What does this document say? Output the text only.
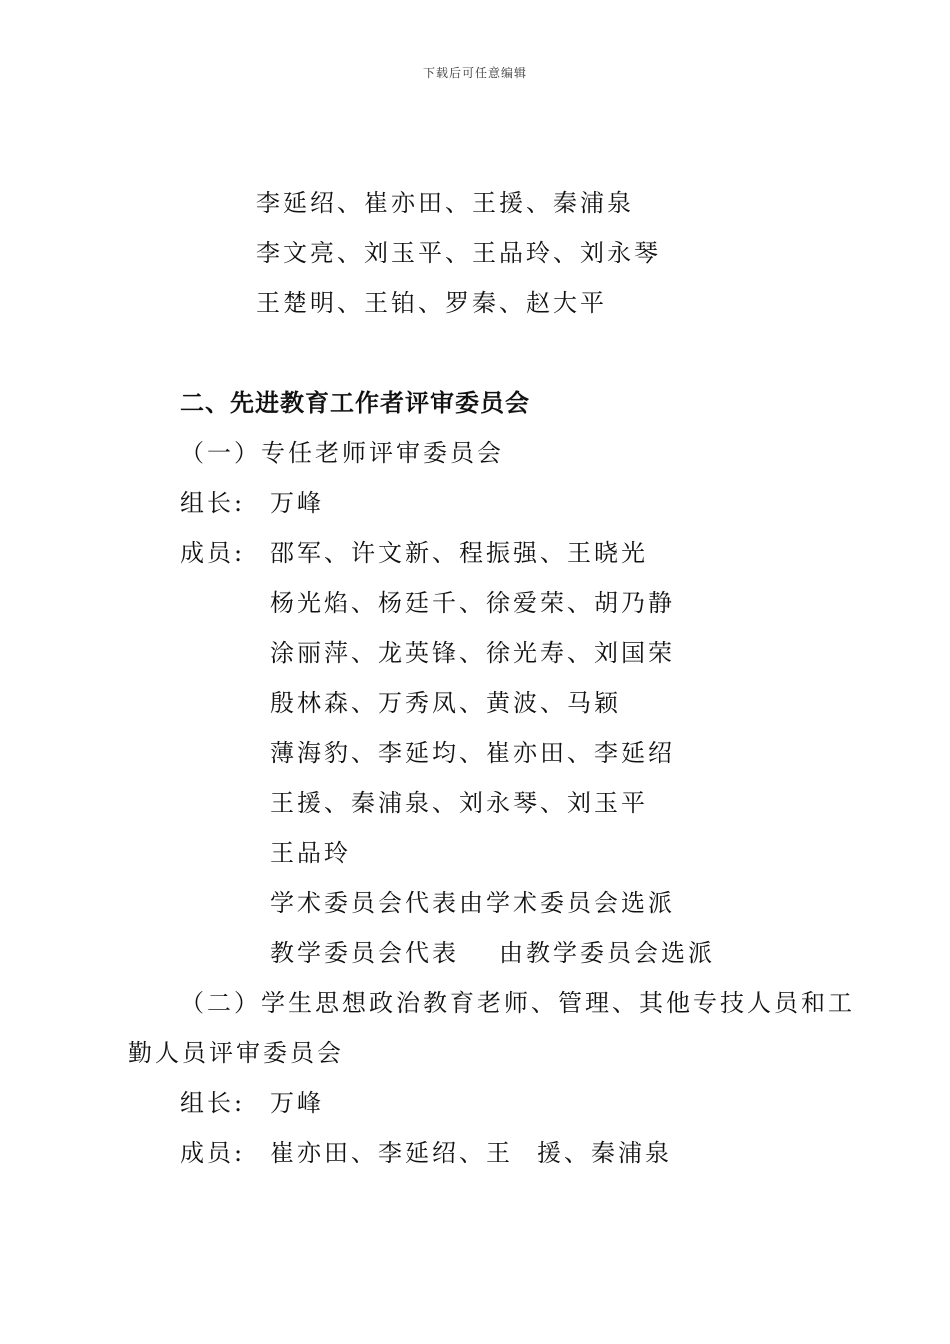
下载后可任意编辑
李延绍、崔亦田、王援、秦浦泉
李文亮、刘玉平、王品玲、刘永琴
王楚明、王铂、罗秦、赵大平
二、先进教育工作者评审委员会
（一）专任老师评审委员会
组长: 万峰
成员: 邵军、许文新、程振强、王晓光
杨光焰、杨廷千、徐爱荣、胡乃静
涂丽萍、龙英锋、徐光寿、刘国荣
殷林森、万秀凤、黄波、马颖
薄海豹、李延均、崔亦田、李延绍
王援、秦浦泉、刘永琴、刘玉平
王品玲
学术委员会代表由学术委员会选派
教学委员会代表 由教学委员会选派
（二）学生思想政治教育老师、管理、其他专技人员和工
勤人员评审委员会
组长: 万峰
成员: 崔亦田、李延绍、王 援、秦浦泉
